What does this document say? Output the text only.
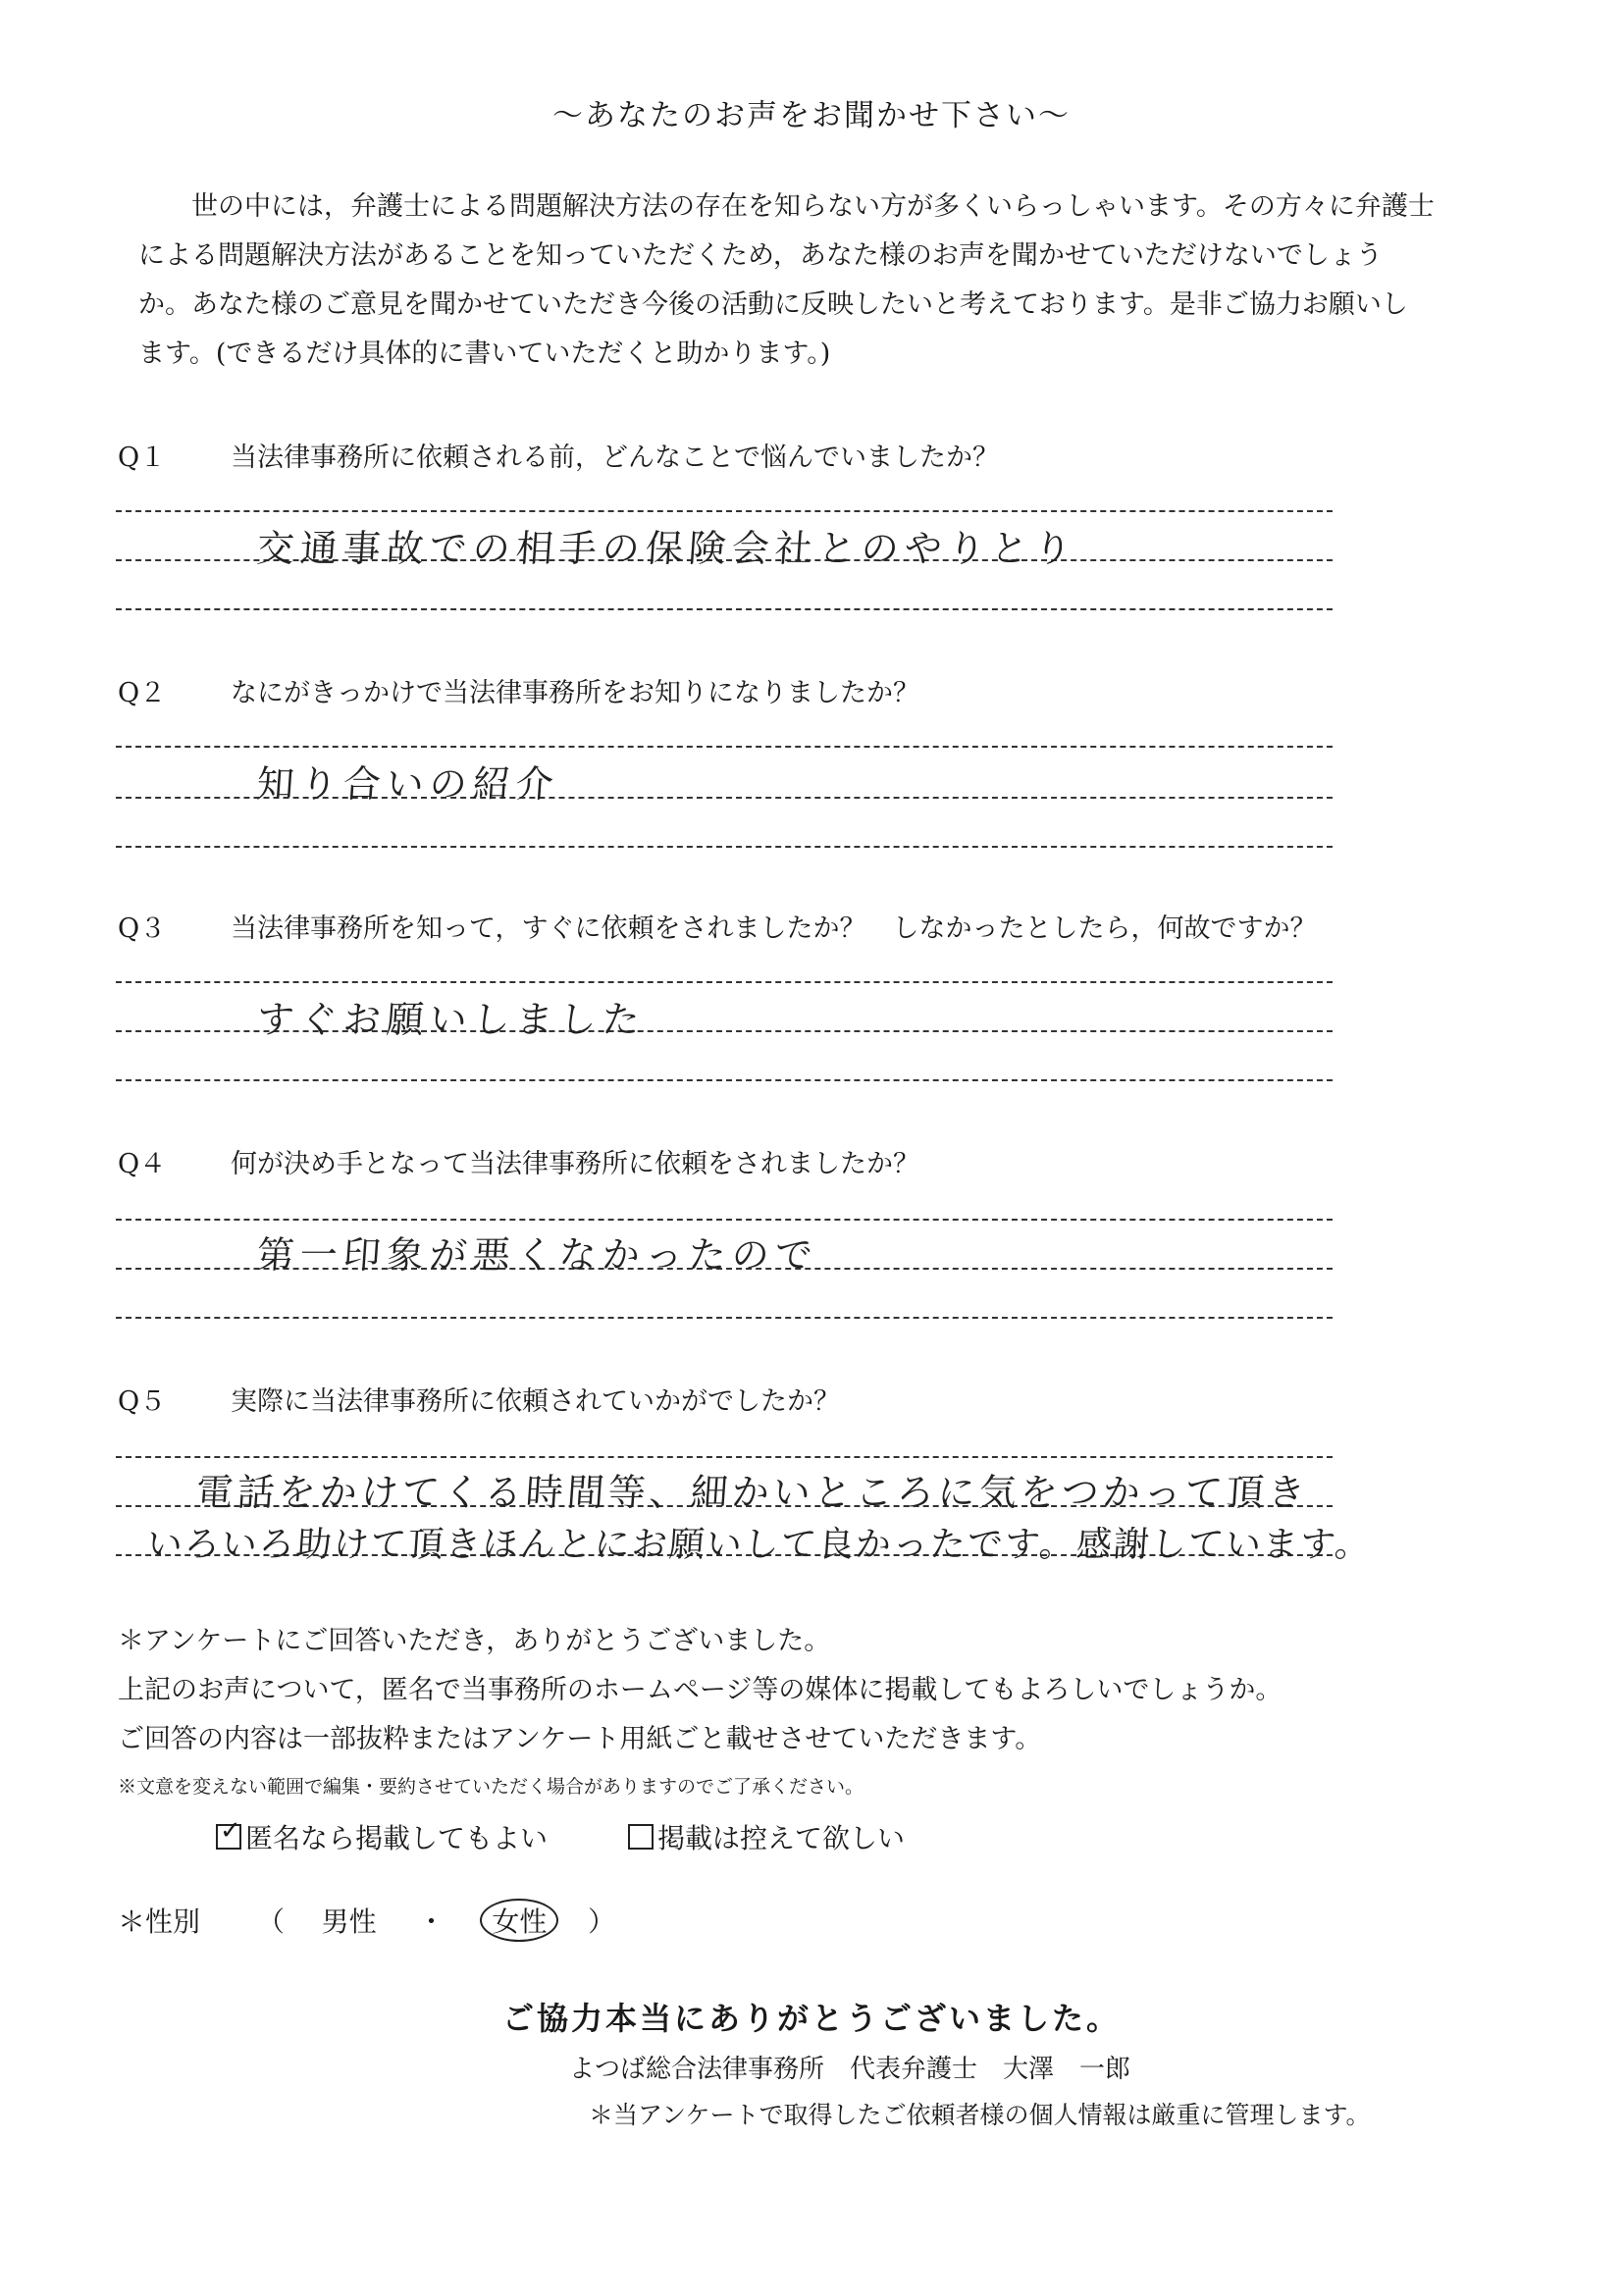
～あなたのお声をお聞かせ下さい～

世の中には，弁護士による問題解決方法の存在を知らない方が多くいらっしゃいます。その方々に弁護士

による問題解決方法があることを知っていただくため，あなた様のお声を聞かせていただけないでしょう

か。あなた様のご意見を聞かせていただき今後の活動に反映したいと考えております。是非ご協力お願いし

ます。(できるだけ具体的に書いていただくと助かります。)

Q１ 当法律事務所に依頼される前，どんなことで悩んでいましたか？
交通事故での相手の保険会社とのやりとり
Q２ なにがきっかけで当法律事務所をお知りになりましたか？
知り合いの紹介
Q３ 当法律事務所を知って，すぐに依頼をされましたか？　しなかったとしたら，何故ですか？
すぐお願いしました
Q４ 何が決め手となって当法律事務所に依頼をされましたか？
第一印象が悪くなかったので
Q５ 実際に当法律事務所に依頼されていかがでしたか？
電話をかけてくる時間等、細かいところに気をつかって頂き
いろいろ助けて頂きほんとにお願いして良かったです。感謝しています。
＊アンケートにご回答いただき，ありがとうございました。
上記のお声について，匿名で当事務所のホームページ等の媒体に掲載してもよろしいでしょうか。
ご回答の内容は一部抜粋またはアンケート用紙ごと載せさせていただきます。
※文意を変えない範囲で編集・要約させていただく場合がありますのでご了承ください。
✓ 匿名なら掲載してもよい	掲載は控えて欲しい
＊性別 （ 男性 ・ 女性 ）
ご協力本当にありがとうございました。
よつば総合法律事務所　代表弁護士　大澤　一郎
＊当アンケートで取得したご依頼者様の個人情報は厳重に管理します。
